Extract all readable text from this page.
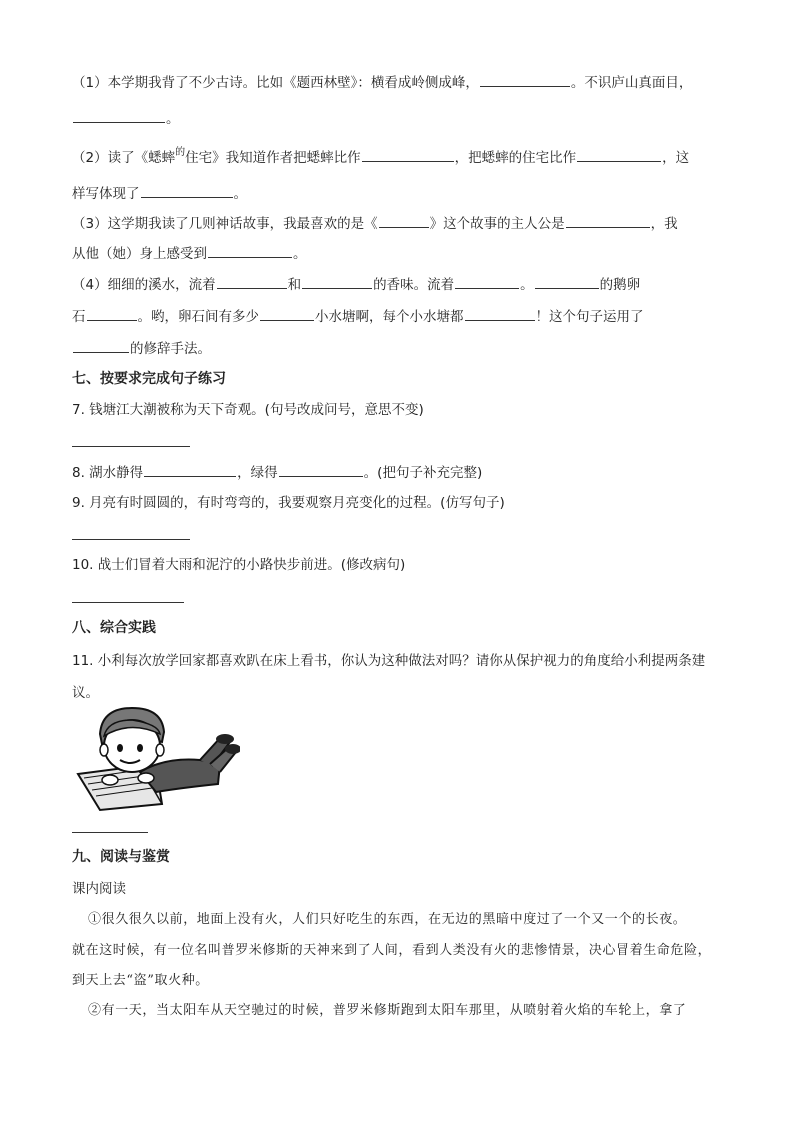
（1）本学期我背了不少古诗。比如《题西林壁》：横看成岭侧成峰，	。不识庐山真面目，
。
（2）读了《蟋蟀$^的$住宅》我知道作者把蟋蟀比作	，把蟋蟀的住宅比作	，这
样写体现了	。
（3）这学期我读了几则神话故事，我最喜欢的是《	》这个故事的主人公是	，我
从他（她）身上感受到	。
（4）细细的溪水，流着	和	的香味。流着	。	的鹅卵
石	。哟，卵石间有多少	小水塘啊，每个小水塘都	！这个句子运用了
的修辞手法。
七、按要求完成句子练习
7. 钱塘江大潮被称为天下奇观。(句号改成问号，意思不变)
8. 湖水静得	，绿得	。(把句子补充完整)
9. 月亮有时圆圆的，有时弯弯的，我要观察月亮变化的过程。(仿写句子)
10. 战士们冒着大雨和泥泞的小路快步前进。(修改病句)
八、综合实践
11. 小利每次放学回家都喜欢趴在床上看书，你认为这种做法对吗？请你从保护视力的角度给小利提两条建
议。
九、阅读与鉴赏
课内阅读
①很久很久以前，地面上没有火，人们只好吃生的东西，在无边的黑暗中度过了一个又一个的长夜。
就在这时候，有一位名叫普罗米修斯的天神来到了人间，看到人类没有火的悲惨情景，决心冒着生命危险，
到天上去“盗”取火种。
②有一天，当太阳车从天空驰过的时候，普罗米修斯跑到太阳车那里，从喷射着火焰的车轮上，拿了
